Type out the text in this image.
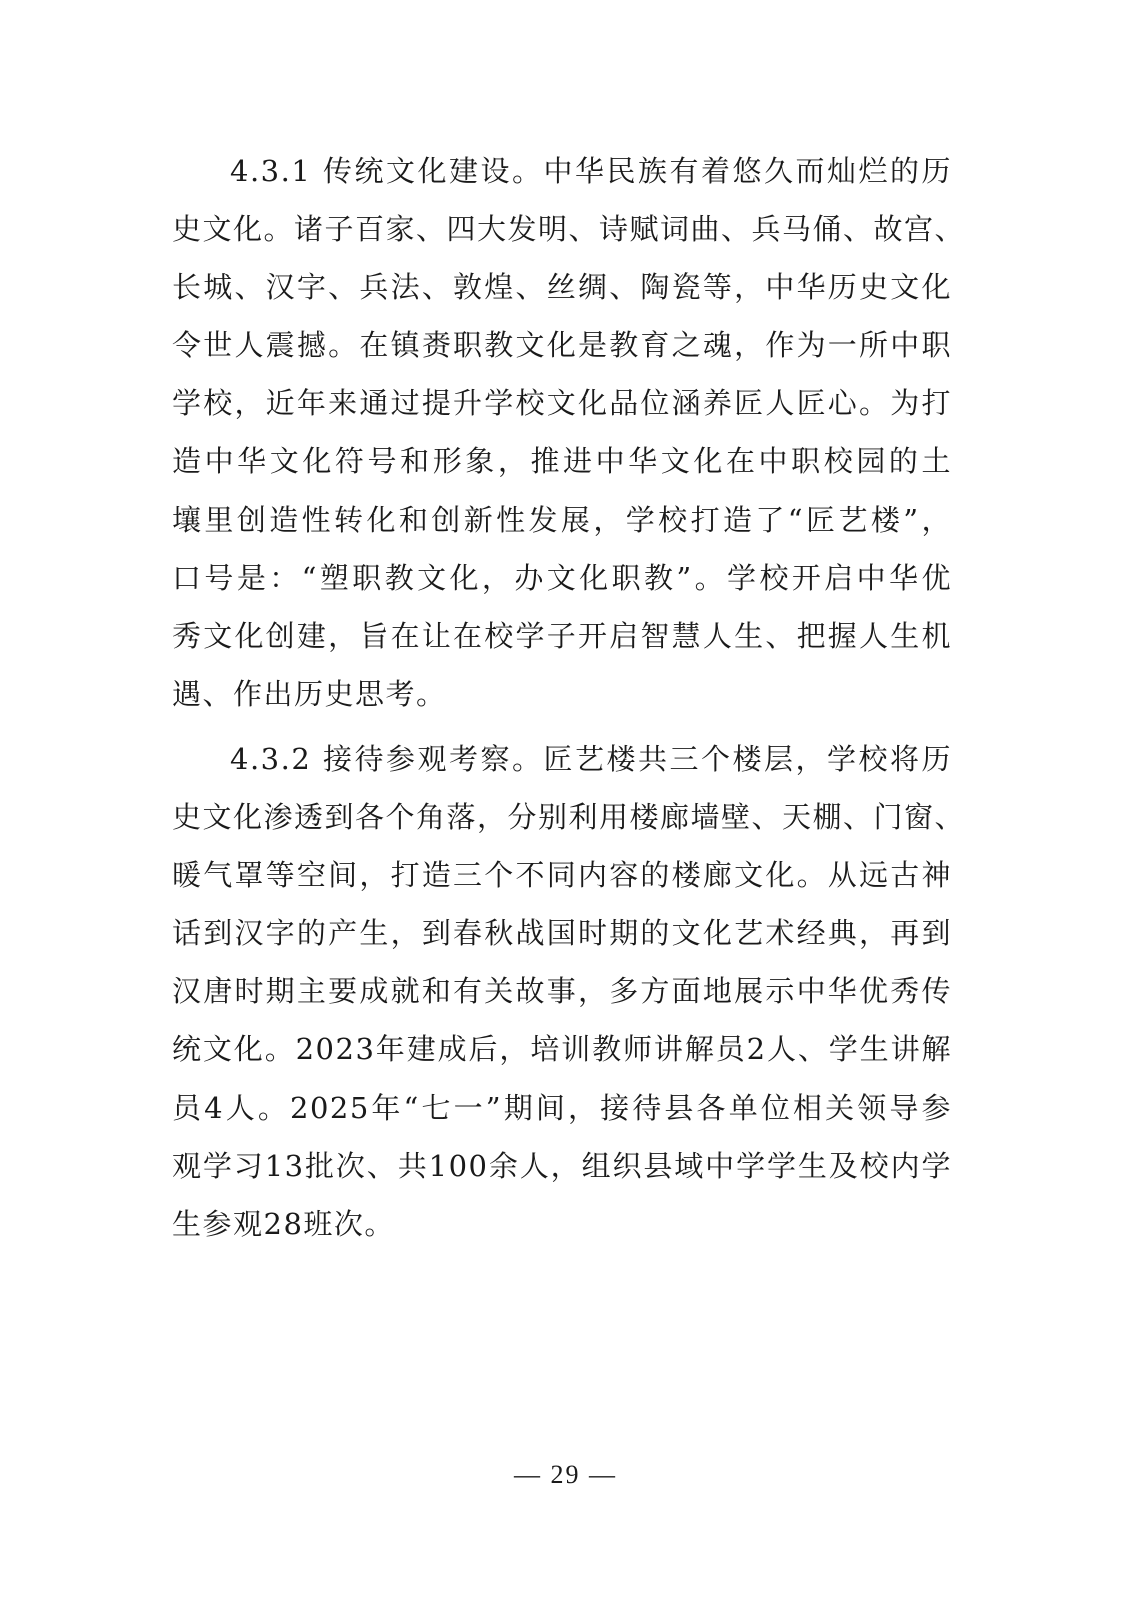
4.3.1 传统文化建设。中华民族有着悠久而灿烂的历
史文化。诸子百家、四大发明、诗赋词曲、兵马俑、故宫、
长城、汉字、兵法、敦煌、丝绸、陶瓷等，中华历史文化
令世人震撼。在镇赉职教文化是教育之魂，作为一所中职
学校，近年来通过提升学校文化品位涵养匠人匠心。为打
造中华文化符号和形象，推进中华文化在中职校园的土
壤里创造性转化和创新性发展，学校打造了“匠艺楼”，
口号是：“塑职教文化，办文化职教”。学校开启中华优
秀文化创建，旨在让在校学子开启智慧人生、把握人生机
遇、作出历史思考。
4.3.2 接待参观考察。匠艺楼共三个楼层，学校将历
史文化渗透到各个角落，分别利用楼廊墙壁、天棚、门窗、
暖气罩等空间，打造三个不同内容的楼廊文化。从远古神
话到汉字的产生，到春秋战国时期的文化艺术经典，再到
汉唐时期主要成就和有关故事，多方面地展示中华优秀传
统文化。2023年建成后，培训教师讲解员2人、学生讲解
员4人。2025年“七一”期间，接待县各单位相关领导参
观学习13批次、共100余人，组织县域中学学生及校内学
生参观28班次。
— 29 —
